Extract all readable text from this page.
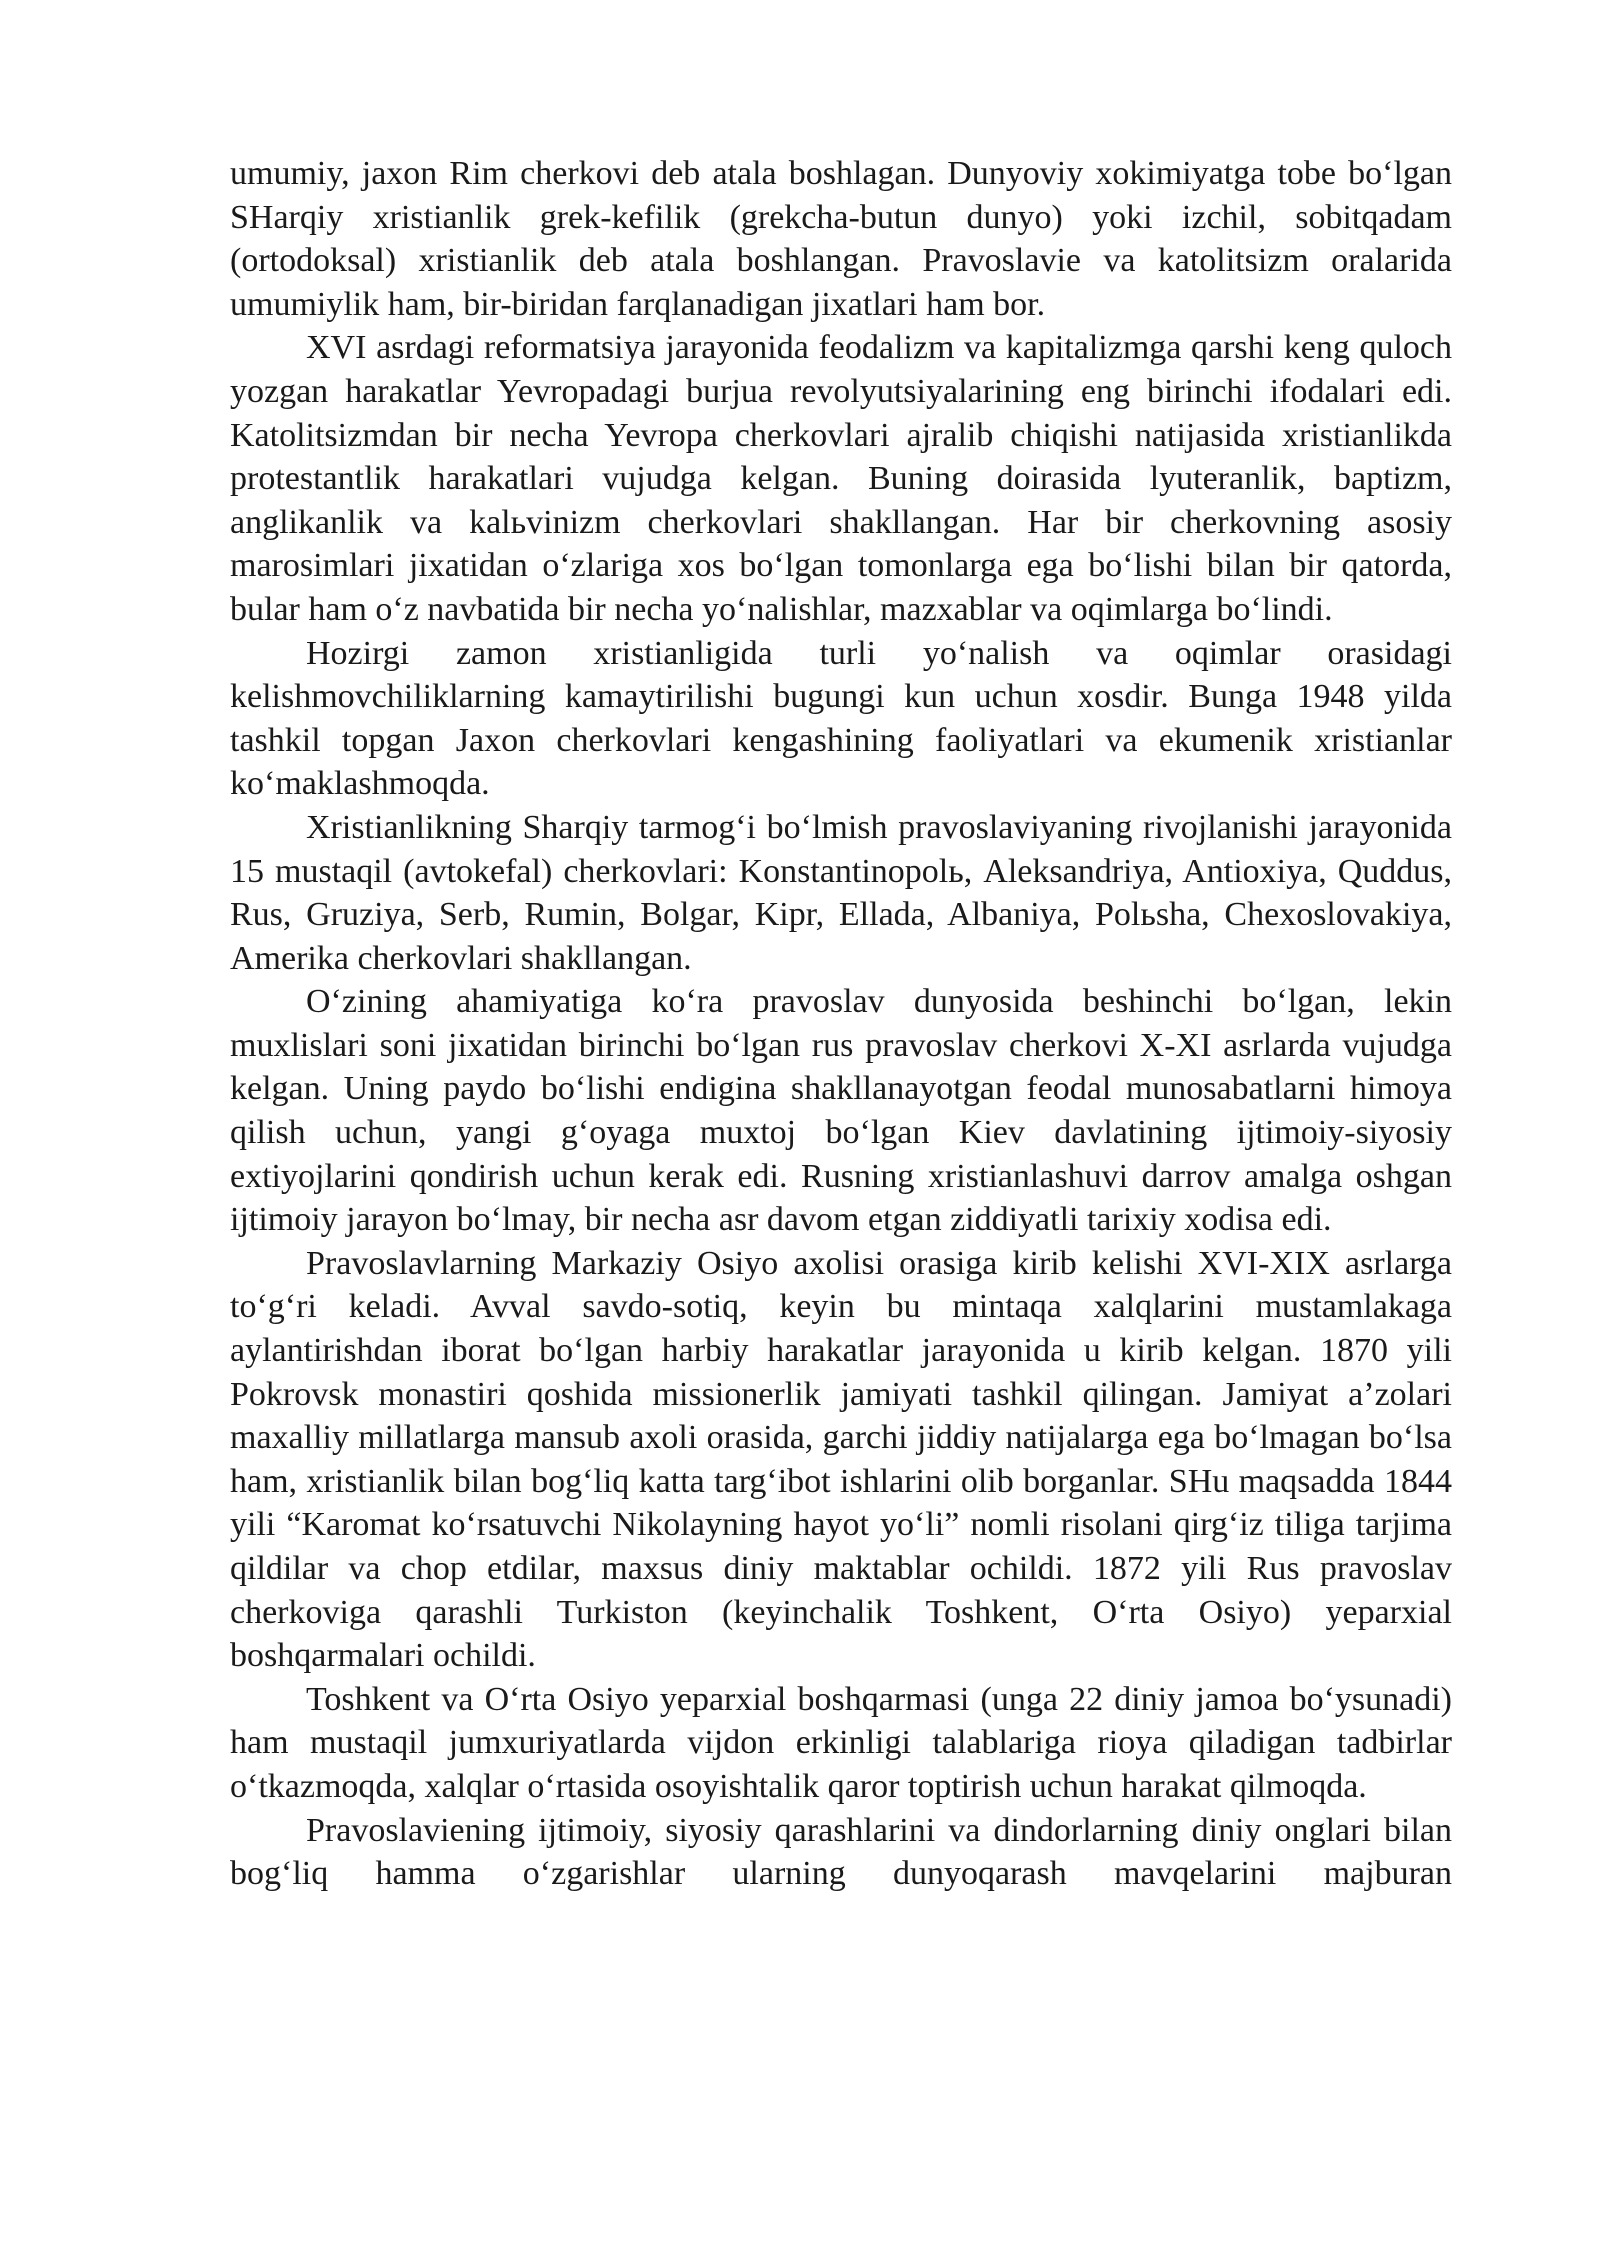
umumiy, jaxon Rim cherkovi deb atala boshlagan. Dunyoviy xokimiyatga tobe bo‘lgan SHarqiy xristianlik grek-kefilik (grekcha-butun dunyo) yoki izchil, sobitqadam (ortodoksal) xristianlik deb atala boshlangan. Pravoslavie va katolitsizm oralarida umumiylik ham, bir-biridan farqlanadigan jixatlari ham bor.

XVI asrdagi reformatsiya jarayonida feodalizm va kapitalizmga qarshi keng quloch yozgan harakatlar Yevropadagi burjua revolyutsiyalarining eng birinchi ifodalari edi. Katolitsizmdan bir necha Yevropa cherkovlari ajralib chiqishi natijasida xristianlikda protestantlik harakatlari vujudga kelgan. Buning doirasida lyuteranlik, baptizm, anglikanlik va kalьvinizm cherkovlari shakllangan. Har bir cherkovning asosiy marosimlari jixatidan o‘zlariga xos bo‘lgan tomonlarga ega bo‘lishi bilan bir qatorda, bular ham o‘z navbatida bir necha yo‘nalishlar, mazxablar va oqimlarga bo‘lindi.

Hozirgi zamon xristianligida turli yo‘nalish va oqimlar orasidagi kelishmovchiliklarning kamaytirilishi bugungi kun uchun xosdir. Bunga 1948 yilda tashkil topgan Jaxon cherkovlari kengashining faoliyatlari va ekumenik xristianlar ko‘maklashmoqda.

Xristianlikning Sharqiy tarmog‘i bo‘lmish pravoslaviyaning rivojlanishi jarayonida 15 mustaqil (avtokefal) cherkovlari: Konstantinopolь, Aleksandriya, Antioxiya, Quddus, Rus, Gruziya, Serb, Rumin, Bolgar, Kipr, Ellada, Albaniya, Polьsha, Chexoslovakiya, Amerika cherkovlari shakllangan.

O‘zining ahamiyatiga ko‘ra pravoslav dunyosida beshinchi bo‘lgan, lekin muxlislari soni jixatidan birinchi bo‘lgan rus pravoslav cherkovi X-XI asrlarda vujudga kelgan. Uning paydo bo‘lishi endigina shakllanayotgan feodal munosabatlarni himoya qilish uchun, yangi g‘oyaga muxtoj bo‘lgan Kiev davlatining ijtimoiy-siyosiy extiyojlarini qondirish uchun kerak edi. Rusning xristianlashuvi darrov amalga oshgan ijtimoiy jarayon bo‘lmay, bir necha asr davom etgan ziddiyatli tarixiy xodisa edi.

Pravoslavlarning Markaziy Osiyo axolisi orasiga kirib kelishi XVI-XIX asrlarga to‘g‘ri keladi. Avval savdo-sotiq, keyin bu mintaqa xalqlarini mustamlakaga aylantirishdan iborat bo‘lgan harbiy harakatlar jarayonida u kirib kelgan. 1870 yili Pokrovsk monastiri qoshida missionerlik jamiyati tashkil qilingan. Jamiyat a’zolari maxalliy millatlarga mansub axoli orasida, garchi jiddiy natijalarga ega bo‘lmagan bo‘lsa ham, xristianlik bilan bog‘liq katta targ‘ibot ishlarini olib borganlar. SHu maqsadda 1844 yili “Karomat ko‘rsatuvchi Nikolayning hayot yo‘li” nomli risolani qirg‘iz tiliga tarjima qildilar va chop etdilar, maxsus diniy maktablar ochildi. 1872 yili Rus pravoslav cherkoviga qarashli Turkiston (keyinchalik Toshkent, O‘rta Osiyo) yeparxial boshqarmalari ochildi.

Toshkent va O‘rta Osiyo yeparxial boshqarmasi (unga 22 diniy jamoa bo‘ysunadi) ham mustaqil jumxuriyatlarda vijdon erkinligi talablariga rioya qiladigan tadbirlar o‘tkazmoqda, xalqlar o‘rtasida osoyishtalik qaror toptirish uchun harakat qilmoqda.

Pravoslaviening ijtimoiy, siyosiy qarashlarini va dindorlarning diniy onglari bilan bog‘liq hamma o‘zgarishlar ularning dunyoqarash mavqelarini majburan
